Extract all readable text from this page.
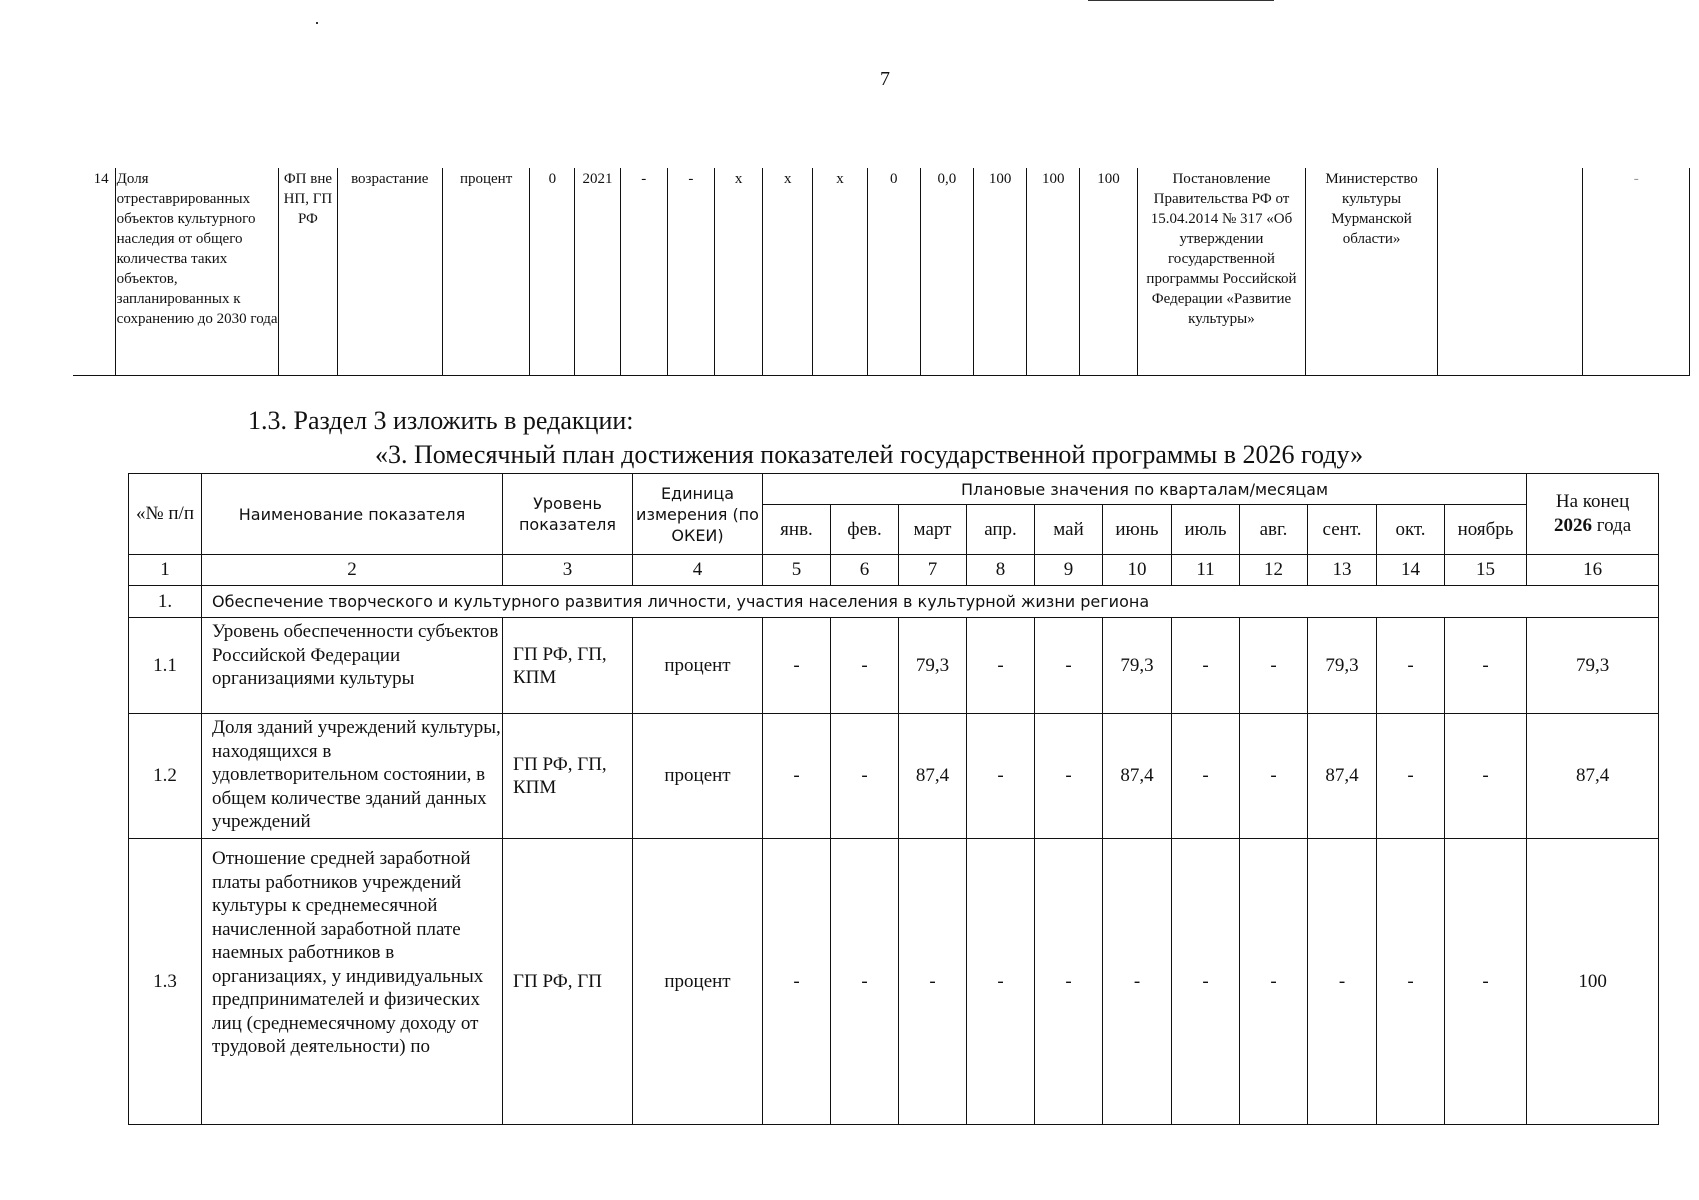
7
14	Доля отреставрированных объектов культурного наследия от общего количества таких объектов, запланированных к сохранению до 2030 года	ФП вне НП, ГП РФ	возрастание	процент	0	2021	-	-	х	х	х	0	0,0	100	100	100	Постановление Правительства РФ от 15.04.2014 № 317 «Об утверждении государственной программы Российской Федерации «Развитие культуры»	Министерство культуры Мурманской области»		-
1.3. Раздел 3 изложить в редакции:
«3. Помесячный план достижения показателей государственной программы в 2026 году»
«№ п/п	Наименование показателя	Уровень показателя	Единица измерения (по ОКЕИ)	Плановые значения по кварталам/месяцам											На конец
2026 года
				янв.	фев.	март	апр.	май	июнь	июль	авг.	сент.	окт.	ноябрь	
1	2	3	4	5	6	7	8	9	10	11	12	13	14	15	16
1.	Обеспечение творческого и культурного развития личности, участия населения в культурной жизни региона														
1.1	Уровень обеспеченности субъектов Российской Федерации организациями культуры	ГП РФ, ГП, КПМ	процент	-	-	79,3	-	-	79,3	-	-	79,3	-	-	79,3
1.2	Доля зданий учреждений культуры, находящихся в удовлетворительном состоянии, в общем количестве зданий данных учреждений	ГП РФ, ГП, КПМ	процент	-	-	87,4	-	-	87,4	-	-	87,4	-	-	87,4
1.3	Отношение средней заработной платы работников учреждений культуры к среднемесячной начисленной заработной плате наемных работников в организациях, у индивидуальных предпринимателей и физических лиц (среднемесячному доходу от трудовой деятельности) по	ГП РФ, ГП	процент	-	-	-	-	-	-	-	-	-	-	-	100
